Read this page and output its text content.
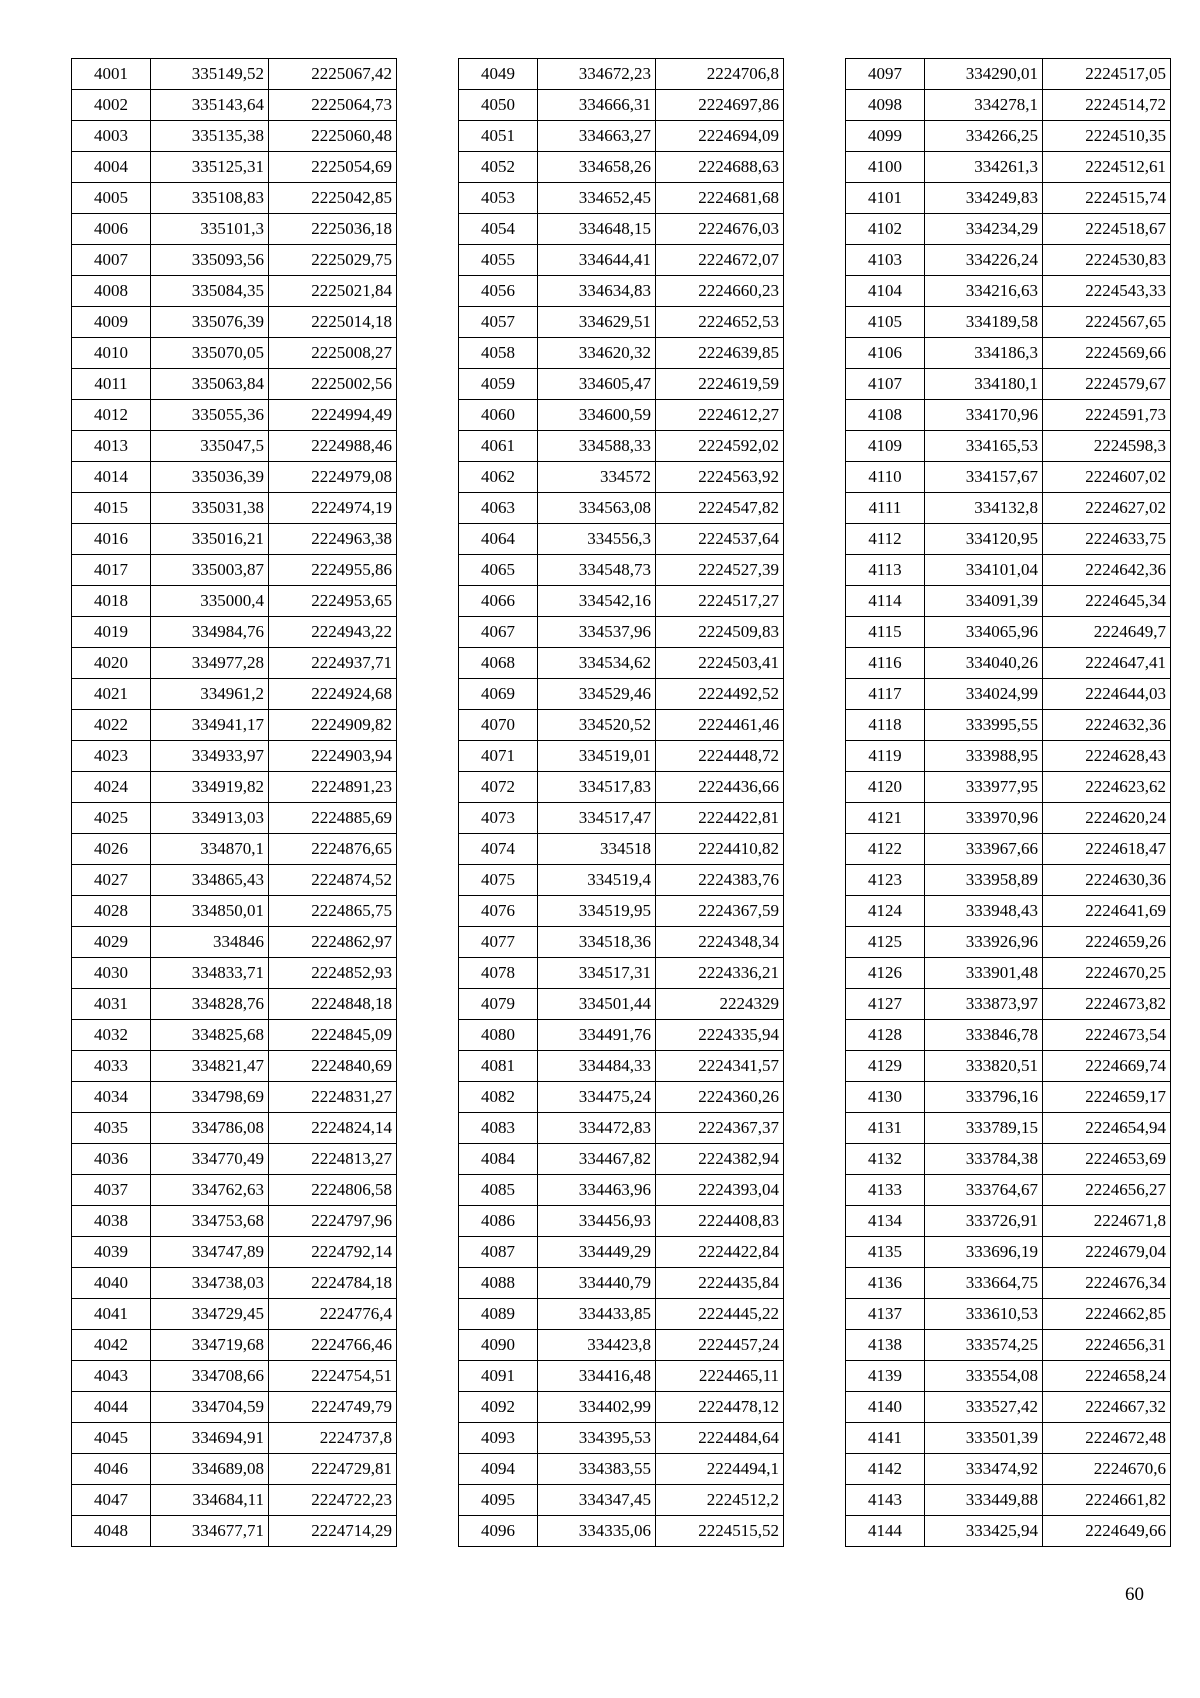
4001	335149,52	2225067,42
4002	335143,64	2225064,73
4003	335135,38	2225060,48
4004	335125,31	2225054,69
4005	335108,83	2225042,85
4006	335101,3	2225036,18
4007	335093,56	2225029,75
4008	335084,35	2225021,84
4009	335076,39	2225014,18
4010	335070,05	2225008,27
4011	335063,84	2225002,56
4012	335055,36	2224994,49
4013	335047,5	2224988,46
4014	335036,39	2224979,08
4015	335031,38	2224974,19
4016	335016,21	2224963,38
4017	335003,87	2224955,86
4018	335000,4	2224953,65
4019	334984,76	2224943,22
4020	334977,28	2224937,71
4021	334961,2	2224924,68
4022	334941,17	2224909,82
4023	334933,97	2224903,94
4024	334919,82	2224891,23
4025	334913,03	2224885,69
4026	334870,1	2224876,65
4027	334865,43	2224874,52
4028	334850,01	2224865,75
4029	334846	2224862,97
4030	334833,71	2224852,93
4031	334828,76	2224848,18
4032	334825,68	2224845,09
4033	334821,47	2224840,69
4034	334798,69	2224831,27
4035	334786,08	2224824,14
4036	334770,49	2224813,27
4037	334762,63	2224806,58
4038	334753,68	2224797,96
4039	334747,89	2224792,14
4040	334738,03	2224784,18
4041	334729,45	2224776,4
4042	334719,68	2224766,46
4043	334708,66	2224754,51
4044	334704,59	2224749,79
4045	334694,91	2224737,8
4046	334689,08	2224729,81
4047	334684,11	2224722,23
4048	334677,71	2224714,29
4049	334672,23	2224706,8
4050	334666,31	2224697,86
4051	334663,27	2224694,09
4052	334658,26	2224688,63
4053	334652,45	2224681,68
4054	334648,15	2224676,03
4055	334644,41	2224672,07
4056	334634,83	2224660,23
4057	334629,51	2224652,53
4058	334620,32	2224639,85
4059	334605,47	2224619,59
4060	334600,59	2224612,27
4061	334588,33	2224592,02
4062	334572	2224563,92
4063	334563,08	2224547,82
4064	334556,3	2224537,64
4065	334548,73	2224527,39
4066	334542,16	2224517,27
4067	334537,96	2224509,83
4068	334534,62	2224503,41
4069	334529,46	2224492,52
4070	334520,52	2224461,46
4071	334519,01	2224448,72
4072	334517,83	2224436,66
4073	334517,47	2224422,81
4074	334518	2224410,82
4075	334519,4	2224383,76
4076	334519,95	2224367,59
4077	334518,36	2224348,34
4078	334517,31	2224336,21
4079	334501,44	2224329
4080	334491,76	2224335,94
4081	334484,33	2224341,57
4082	334475,24	2224360,26
4083	334472,83	2224367,37
4084	334467,82	2224382,94
4085	334463,96	2224393,04
4086	334456,93	2224408,83
4087	334449,29	2224422,84
4088	334440,79	2224435,84
4089	334433,85	2224445,22
4090	334423,8	2224457,24
4091	334416,48	2224465,11
4092	334402,99	2224478,12
4093	334395,53	2224484,64
4094	334383,55	2224494,1
4095	334347,45	2224512,2
4096	334335,06	2224515,52
4097	334290,01	2224517,05
4098	334278,1	2224514,72
4099	334266,25	2224510,35
4100	334261,3	2224512,61
4101	334249,83	2224515,74
4102	334234,29	2224518,67
4103	334226,24	2224530,83
4104	334216,63	2224543,33
4105	334189,58	2224567,65
4106	334186,3	2224569,66
4107	334180,1	2224579,67
4108	334170,96	2224591,73
4109	334165,53	2224598,3
4110	334157,67	2224607,02
4111	334132,8	2224627,02
4112	334120,95	2224633,75
4113	334101,04	2224642,36
4114	334091,39	2224645,34
4115	334065,96	2224649,7
4116	334040,26	2224647,41
4117	334024,99	2224644,03
4118	333995,55	2224632,36
4119	333988,95	2224628,43
4120	333977,95	2224623,62
4121	333970,96	2224620,24
4122	333967,66	2224618,47
4123	333958,89	2224630,36
4124	333948,43	2224641,69
4125	333926,96	2224659,26
4126	333901,48	2224670,25
4127	333873,97	2224673,82
4128	333846,78	2224673,54
4129	333820,51	2224669,74
4130	333796,16	2224659,17
4131	333789,15	2224654,94
4132	333784,38	2224653,69
4133	333764,67	2224656,27
4134	333726,91	2224671,8
4135	333696,19	2224679,04
4136	333664,75	2224676,34
4137	333610,53	2224662,85
4138	333574,25	2224656,31
4139	333554,08	2224658,24
4140	333527,42	2224667,32
4141	333501,39	2224672,48
4142	333474,92	2224670,6
4143	333449,88	2224661,82
4144	333425,94	2224649,66
60
